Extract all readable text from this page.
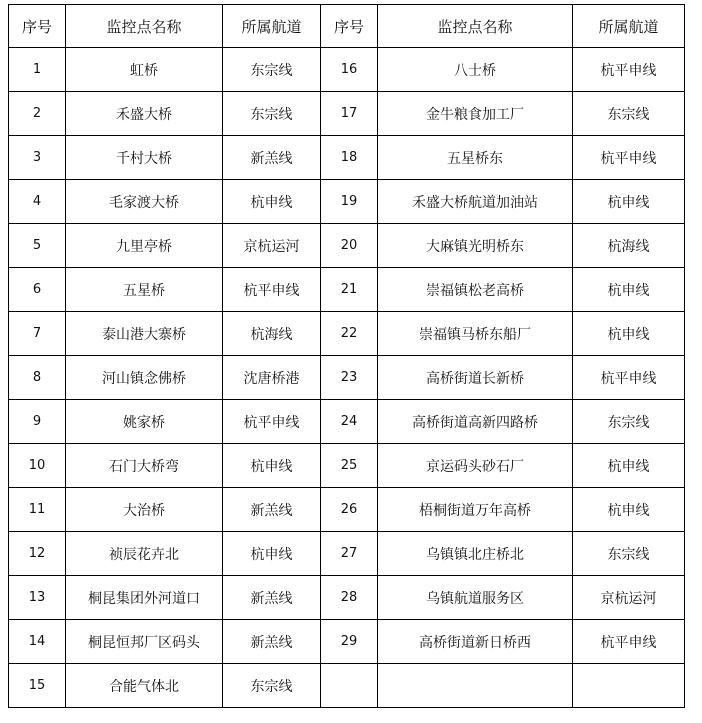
序号	监控点名称	所属航道	序号	监控点名称	所属航道
1	虹桥	东宗线	16	八士桥	杭平申线
2	禾盛大桥	东宗线	17	金牛粮食加工厂	东宗线
3	千村大桥	新羔线	18	五星桥东	杭平申线
4	毛家渡大桥	杭申线	19	禾盛大桥航道加油站	杭申线
5	九里亭桥	京杭运河	20	大麻镇光明桥东	杭海线
6	五星桥	杭平申线	21	崇福镇松老高桥	杭申线
7	泰山港大寨桥	杭海线	22	崇福镇马桥东船厂	杭申线
8	河山镇念佛桥	沈唐桥港	23	高桥街道长新桥	杭平申线
9	姚家桥	杭平申线	24	高桥街道高新四路桥	东宗线
10	石门大桥弯	杭申线	25	京运码头砂石厂	杭申线
11	大治桥	新羔线	26	梧桐街道万年高桥	杭申线
12	祯辰花卉北	杭申线	27	乌镇镇北庄桥北	东宗线
13	桐昆集团外河道口	新羔线	28	乌镇航道服务区	京杭运河
14	桐昆恒邦厂区码头	新羔线	29	高桥街道新日桥西	杭平申线
15	合能气体北	东宗线			
